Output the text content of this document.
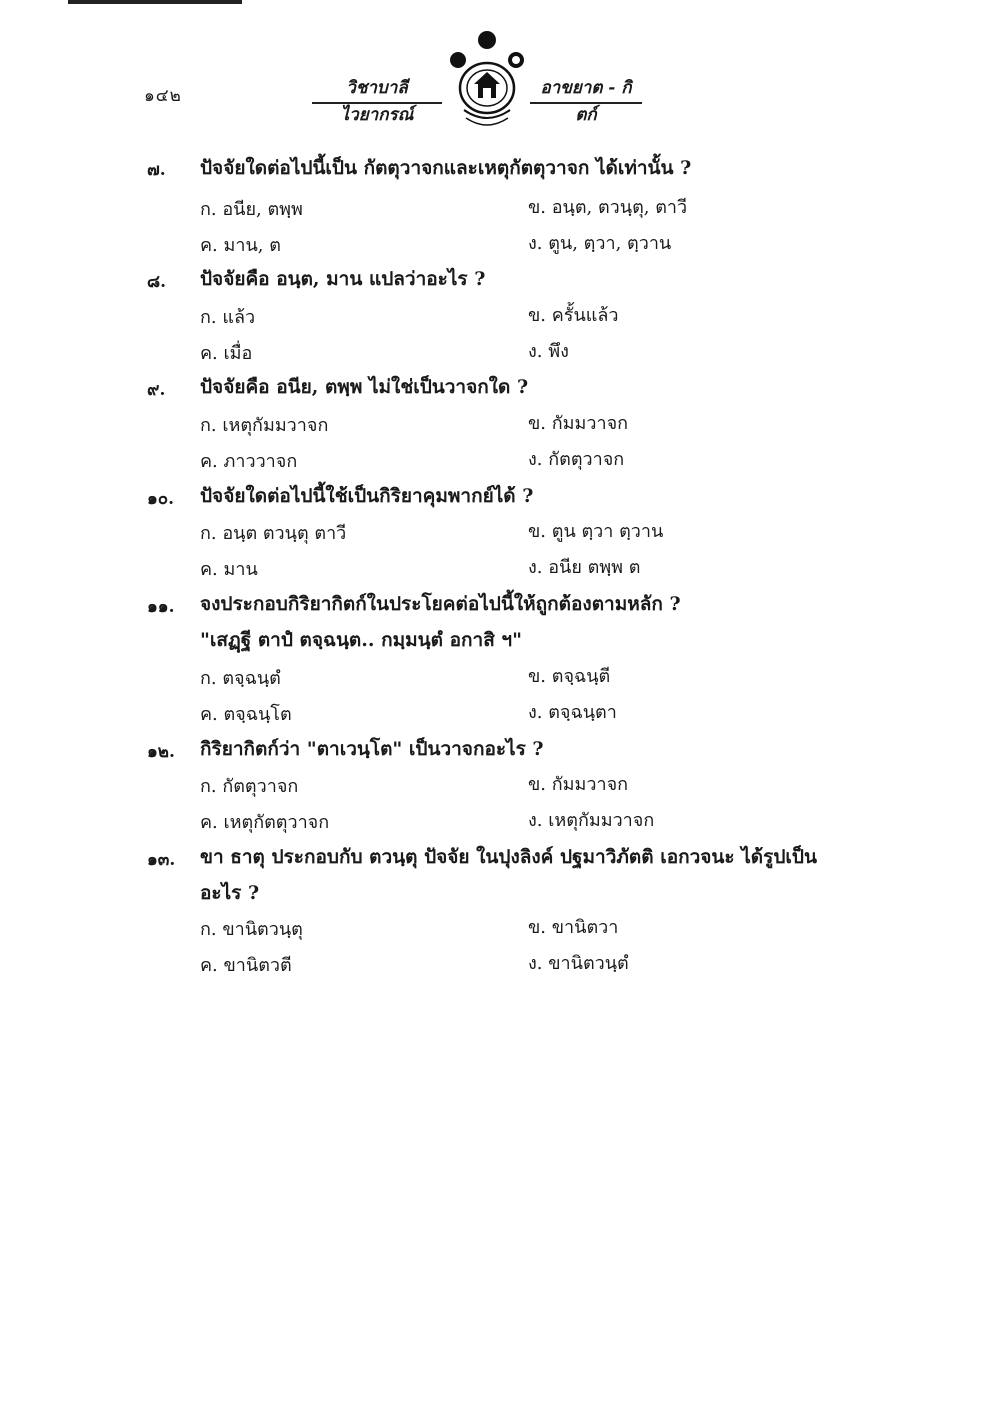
๑๔๒	วิชาบาลีไวยากรณ์
อาขยาต - กิตก์
๗.	ปัจจัยใดต่อไปนี้เป็น กัตตุวาจกและเหตุกัตตุวาจก ได้เท่านั้น ?
ก. อนีย, ตพฺพ	ข. อนฺต, ตวนฺตุ, ตาวี
ค. มาน, ต	ง. ตูน, ตฺวา, ตฺวาน
๘.	ปัจจัยคือ อนฺต, มาน แปลว่าอะไร ?
ก. แล้ว	ข. ครั้นแล้ว
ค. เมื่อ	ง. พึง
๙.	ปัจจัยคือ อนีย, ตพฺพ ไม่ใช่เป็นวาจกใด ?
ก. เหตุกัมมวาจก	ข. กัมมวาจก
ค. ภาววาจก	ง. กัตตุวาจก
๑๐.	ปัจจัยใดต่อไปนี้ใช้เป็นกิริยาคุมพากย์ได้ ?
ก. อนฺต ตวนฺตุ ตาวี	ข. ตูน ตฺวา ตฺวาน
ค. มาน	ง. อนีย ตพฺพ ต
๑๑.	จงประกอบกิริยากิตก์ในประโยคต่อไปนี้ให้ถูกต้องตามหลัก ?
"เสฏฺฐี ตาปํ ตจฺฉนฺต.. กมฺมนฺตํ อกาสิ ฯ"
ก. ตจฺฉนฺตํ	ข. ตจฺฉนฺตี
ค. ตจฺฉนฺโต	ง. ตจฺฉนฺตา
๑๒.	กิริยากิตก์ว่า "ตาเวนฺโต" เป็นวาจกอะไร ?
ก. กัตตุวาจก	ข. กัมมวาจก
ค. เหตุกัตตุวาจก	ง. เหตุกัมมวาจก
๑๓.	ขา ธาตุ ประกอบกับ ตวนฺตุ ปัจจัย ในปุงลิงค์ ปฐมาวิภัตติ เอกวจนะ ได้รูปเป็น
อะไร ?
ก. ขานิตวนฺตุ	ข. ขานิตวา
ค. ขานิตวตี	ง. ขานิตวนฺตํ
